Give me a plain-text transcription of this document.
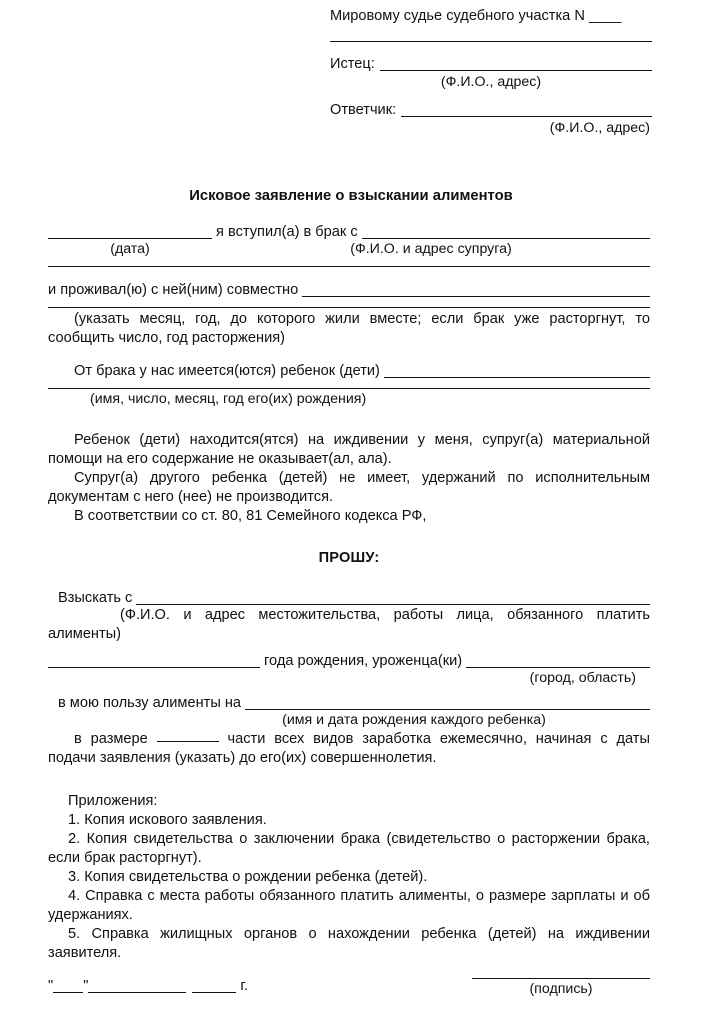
Мировому судье судебного участка N ____
Истец:
(Ф.И.О., адрес)
Ответчик:
(Ф.И.О., адрес)
Исковое заявление о взыскании алиментов
я вступил(а) в брак с
(дата)	(Ф.И.О. и адрес супруга)
и проживал(ю) с ней(ним) совместно

(указать месяц, год, до которого жили вместе; если брак уже расторгнут, то сообщить число, год расторжения)

От брака у нас имеется(ются) ребенок (дети)
(имя, число, месяц, год его(их) рождения)

Ребенок (дети) находится(ятся) на иждивении у меня, супруг(а) материальной помощи на его содержание не оказывает(ал, ала).

Супруг(а) другого ребенка (детей) не имеет, удержаний по исполнительным документам с него (нее) не производится.

В соответствии со ст. 80, 81 Семейного кодекса РФ,

ПРОШУ:

Взыскать с

(Ф.И.О. и адрес местожительства, работы лица, обязанного платить алименты)

года рождения, уроженца(ки)
(город, область)
в мою пользу алименты на
(имя и дата рождения каждого ребенка)
в размере	части всех видов заработка ежемесячно, начиная с даты подачи заявления (указать) до его(их) совершеннолетия.
Приложения:
1. Копия искового заявления.
2. Копия свидетельства о заключении брака (свидетельство о расторжении брака, если брак расторгнут).
3. Копия свидетельства о рождении ребенка (детей).
4. Справка с места работы обязанного платить алименты, о размере зарплаты и об удержаниях.
5. Справка жилищных органов о нахождении ребенка (детей) на иждивении заявителя.
" "	г.	(подпись)
